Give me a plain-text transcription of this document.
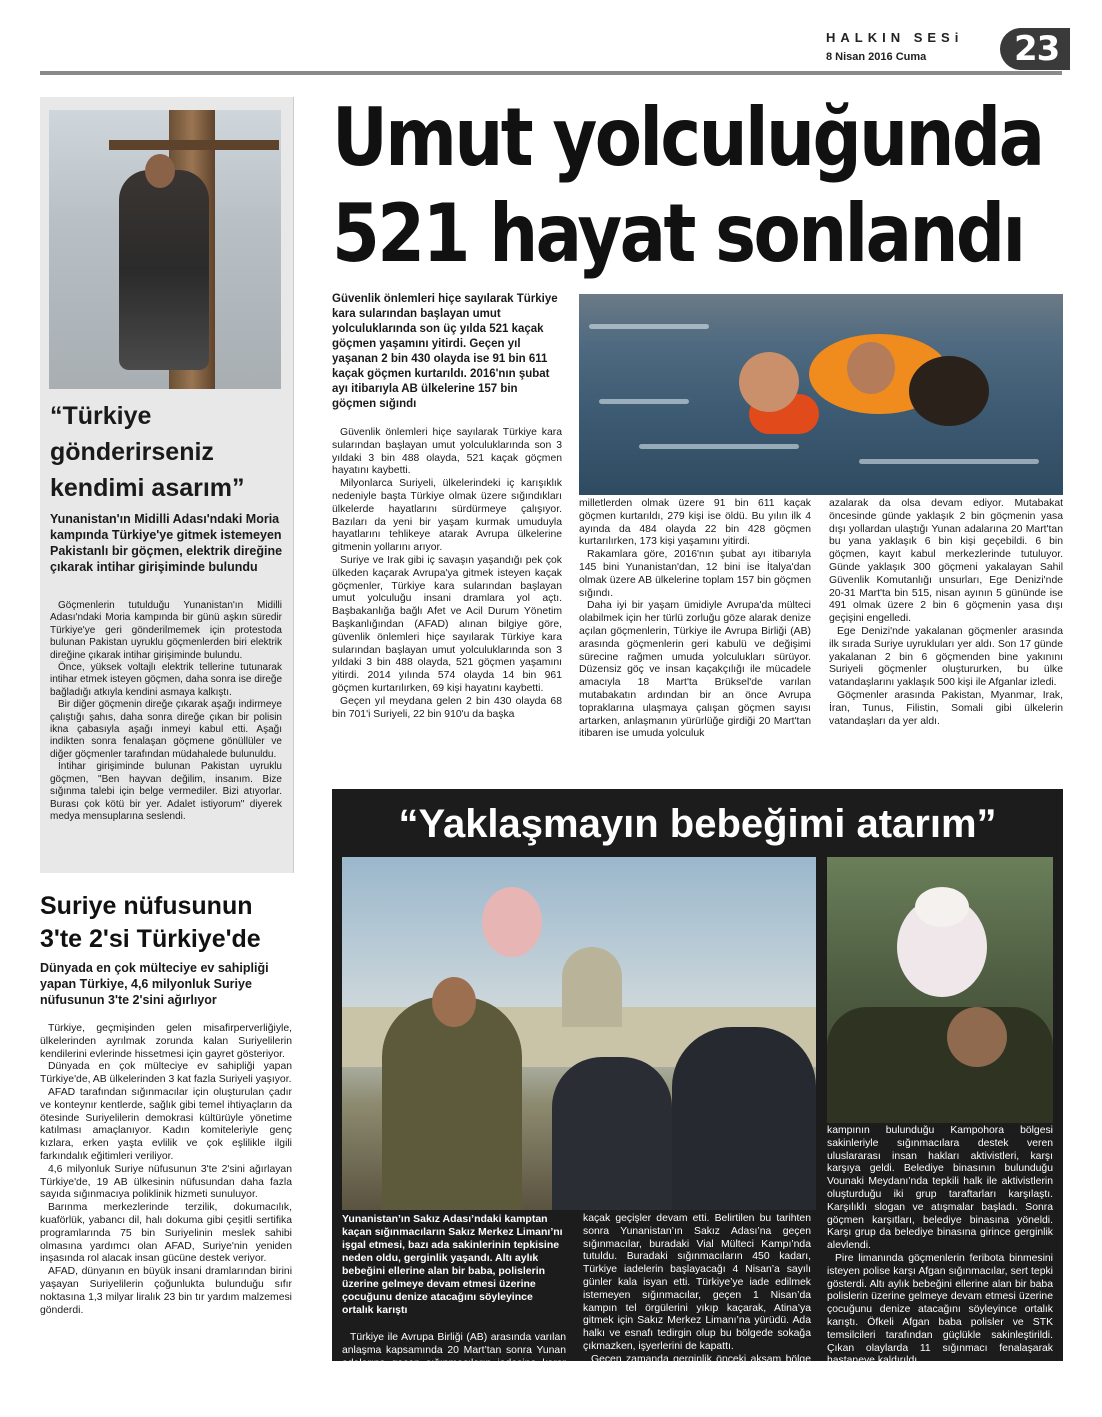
HALKIN SESi
8 Nisan 2016 Cuma	23
Umut yolculuğunda
521 hayat sonlandı
“Türkiye gönderirseniz kendimi asarım”
Yunanistan'ın Midilli Adası'ndaki Moria kampında Türkiye'ye gitmek istemeyen Pakistanlı bir göçmen, elektrik direğine çıkarak intihar girişiminde bulundu

Göçmenlerin tutulduğu Yunanistan'ın Midilli Adası'ndaki Moria kampında bir günü aşkın süredir Türkiye'ye geri gönderilmemek için protestoda bulunan Pakistan uyruklu göçmenlerden biri elektrik direğine çıkarak intihar girişiminde bulundu.

Önce, yüksek voltajlı elektrik tellerine tutunarak intihar etmek isteyen göçmen, daha sonra ise direğe bağladığı atkıyla kendini asmaya kalkıştı.

Bir diğer göçmenin direğe çıkarak aşağı indirmeye çalıştığı şahıs, daha sonra direğe çıkan bir polisin ikna çabasıyla aşağı inmeyi kabul etti. Aşağı indikten sonra fenalaşan göçmene gönüllüler ve diğer göçmenler tarafından müdahalede bulunuldu.

İntihar girişiminde bulunan Pakistan uyruklu göçmen, "Ben hayvan değilim, insanım. Bize sığınma talebi için belge vermediler. Bizi atıyorlar. Burası çok kötü bir yer. Adalet istiyorum" diyerek medya mensuplarına seslendi.

Suriye nüfusunun 3'te 2'si Türkiye'de
Dünyada en çok mülteciye ev sahipliği yapan Türkiye, 4,6 milyonluk Suriye nüfusunun 3'te 2'sini ağırlıyor

Türkiye, geçmişinden gelen misafirperverliğiyle, ülkelerinden ayrılmak zorunda kalan Suriyelilerin kendilerini evlerinde hissetmesi için gayret gösteriyor.

Dünyada en çok mülteciye ev sahipliği yapan Türkiye'de, AB ülkelerinden 3 kat fazla Suriyeli yaşıyor.

AFAD tarafından sığınmacılar için oluşturulan çadır ve konteynır kentlerde, sağlık gibi temel ihtiyaçların da ötesinde Suriyelilerin demokrasi kültürüyle yönetime katılması amaçlanıyor. Kadın komiteleriyle genç kızlara, erken yaşta evlilik ve çok eşlilikle ilgili farkındalık eğitimleri veriliyor.

4,6 milyonluk Suriye nüfusunun 3'te 2'sini ağırlayan Türkiye'de, 19 AB ülkesinin nüfusundan daha fazla sayıda sığınmacıya poliklinik hizmeti sunuluyor.

Barınma merkezlerinde terzilik, dokumacılık, kuaförlük, yabancı dil, halı dokuma gibi çeşitli sertifika programlarında 75 bin Suriyelinin meslek sahibi olmasına yardımcı olan AFAD, Suriye'nin yeniden inşasında rol alacak insan gücüne destek veriyor.

AFAD, dünyanın en büyük insani dramlarından birini yaşayan Suriyelilerin çoğunlukta bulunduğu sıfır noktasına 1,3 milyar liralık 23 bin tır yardım malzemesi gönderdi.

Güvenlik önlemleri hiçe sayılarak Türkiye kara sularından başlayan umut yolculuklarında son üç yılda 521 kaçak göçmen yaşamını yitirdi. Geçen yıl yaşanan 2 bin 430 olayda ise 91 bin 611 kaçak göçmen kurtarıldı. 2016'nın şubat ayı itibarıyla AB ülkelerine 157 bin göçmen sığındı

Güvenlik önlemleri hiçe sayılarak Türkiye kara sularından başlayan umut yolculuklarında son 3 yıldaki 3 bin 488 olayda, 521 kaçak göçmen hayatını kaybetti.

Milyonlarca Suriyeli, ülkelerindeki iç karışıklık nedeniyle başta Türkiye olmak üzere sığındıkları ülkelerde hayatlarını sürdürmeye çalışıyor. Bazıları da yeni bir yaşam kurmak umuduyla hayatlarını tehlikeye atarak Avrupa ülkelerine gitmenin yollarını arıyor.

Suriye ve Irak gibi iç savaşın yaşandığı pek çok ülkeden kaçarak Avrupa'ya gitmek isteyen kaçak göçmenler, Türkiye kara sularından başlayan umut yolculuğu insani dramlara yol açtı. Başbakanlığa bağlı Afet ve Acil Durum Yönetim Başkanlığından (AFAD) alınan bilgiye göre, güvenlik önlemleri hiçe sayılarak Türkiye kara sularından başlayan umut yolculuklarında son 3 yıldaki 3 bin 488 olayda, 521 göçmen yaşamını yitirdi. 2014 yılında 574 olayda 14 bin 961 göçmen kurtarılırken, 69 kişi hayatını kaybetti.

Geçen yıl meydana gelen 2 bin 430 olayda 68 bin 701'i Suriyeli, 22 bin 910'u da başka

milletlerden olmak üzere 91 bin 611 kaçak göçmen kurtarıldı, 279 kişi ise öldü. Bu yılın ilk 4 ayında da 484 olayda 22 bin 428 göçmen kurtarılırken, 173 kişi yaşamını yitirdi.

Rakamlara göre, 2016'nın şubat ayı itibarıyla 145 bini Yunanistan'dan, 12 bini ise İtalya'dan olmak üzere AB ülkelerine toplam 157 bin göçmen sığındı.

Daha iyi bir yaşam ümidiyle Avrupa'da mülteci olabilmek için her türlü zorluğu göze alarak denize açılan göçmenlerin, Türkiye ile Avrupa Birliği (AB) arasında göçmenlerin geri kabulü ve değişimi sürecine rağmen umuda yolculukları sürüyor. Düzensiz göç ve insan kaçakçılığı ile mücadele amacıyla 18 Mart'ta Brüksel'de varılan mutabakatın ardından bir an önce Avrupa topraklarına ulaşmaya çalışan göçmen sayısı artarken, anlaşmanın yürürlüğe girdiği 20 Mart'tan itibaren ise umuda yolculuk

azalarak da olsa devam ediyor. Mutabakat öncesinde günde yaklaşık 2 bin göçmenin yasa dışı yollardan ulaştığı Yunan adalarına 20 Mart'tan bu yana yaklaşık 6 bin kişi geçebildi. 6 bin göçmen, kayıt kabul merkezlerinde tutuluyor. Günde yaklaşık 300 göçmeni yakalayan Sahil Güvenlik Komutanlığı unsurları, Ege Denizi'nde 20-31 Mart'ta bin 515, nisan ayının 5 gününde ise 491 olmak üzere 2 bin 6 göçmenin yasa dışı geçişini engelledi.

Ege Denizi'nde yakalanan göçmenler arasında ilk sırada Suriye uyrukluları yer aldı. Son 17 günde yakalanan 2 bin 6 göçmenden bine yakınını Suriyeli göçmenler oluştururken, bu ülke vatandaşlarını yaklaşık 500 kişi ile Afganlar izledi.

Göçmenler arasında Pakistan, Myanmar, Irak, İran, Tunus, Filistin, Somali gibi ülkelerin vatandaşları da yer aldı.

“Yaklaşmayın bebeğimi atarım”
Yunanistan’ın Sakız Adası’ndaki kamptan kaçan sığınmacıların Sakız Merkez Limanı’nı işgal etmesi, bazı ada sakinlerinin tepkisine neden oldu, gerginlik yaşandı. Altı aylık bebeğini ellerine alan bir baba, polislerin üzerine gelmeye devam etmesi üzerine çocuğunu denize atacağını söyleyince ortalık karıştı

Türkiye ile Avrupa Birliği (AB) arasında varılan anlaşma kapsamında 20 Mart’tan sonra Yunan adalarına geçen sığınmacıların iadesine karar verildi. Ancak, buna rağmen Yunan adalarına

kaçak geçişler devam etti. Belirtilen bu tarihten sonra Yunanistan’ın Sakız Adası’na geçen sığınmacılar, buradaki Vial Mülteci Kampı’nda tutuldu. Buradaki sığınmacıların 450 kadarı, Türkiye iadelerin başlayacağı 4 Nisan’a sayılı günler kala isyan etti. Türkiye’ye iade edilmek istemeyen sığınmacılar, geçen 1 Nisan’da kampın tel örgülerini yıkıp kaçarak, Atina’ya gitmek için Sakız Merkez Limanı’na yürüdü. Ada halkı ve esnafı tedirgin olup bu bölgede sokağa çıkmazken, işyerlerini de kapattı.

Geçen zamanda gerginlik önceki akşam bölge sakinlerinin tepkisine dönüştü. Mülteci

kampının bulunduğu Kampohora bölgesi sakinleriyle sığınmacılara destek veren uluslararası insan hakları aktivistleri, karşı karşıya geldi. Belediye binasının bulunduğu Vounaki Meydanı’nda tepkili halk ile aktivistlerin oluşturduğu iki grup taraftarları karşılaştı. Karşılıklı slogan ve atışmalar başladı. Sonra göçmen karşıtları, belediye binasına yöneldi. Karşı grup da belediye binasına girince gerginlik alevlendi.

Pire limanında göçmenlerin feribota binmesini isteyen polise karşı Afgan sığınmacılar, sert tepki gösterdi. Altı aylık bebeğini ellerine alan bir baba polislerin üzerine gelmeye devam etmesi üzerine çocuğunu denize atacağını söyleyince ortalık karıştı. Öfkeli Afgan baba polisler ve STK temsilcileri tarafından güçlükle sakinleştirildi. Çıkan olaylarda 11 sığınmacı fenalaşarak hastaneye kaldırıldı.
